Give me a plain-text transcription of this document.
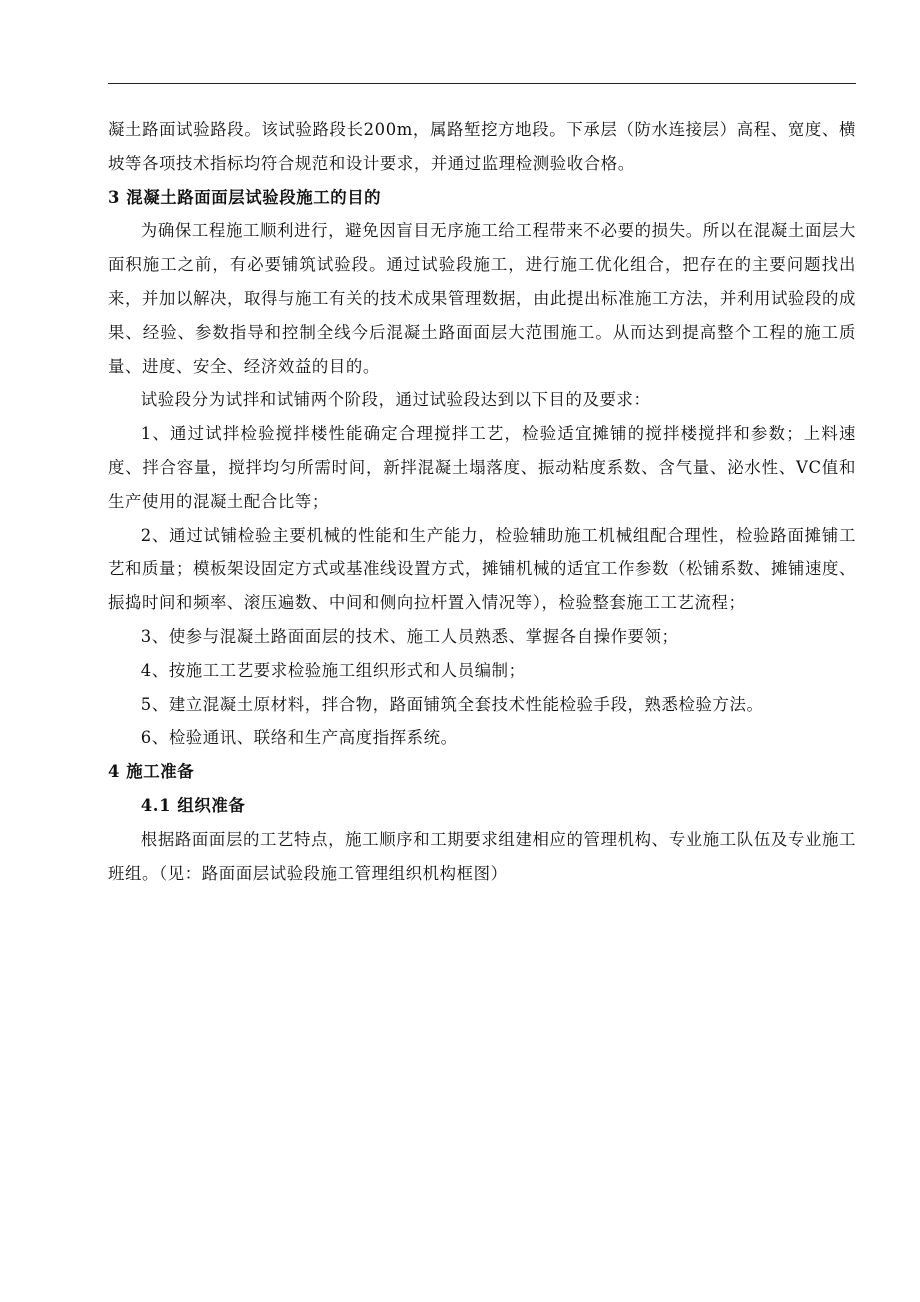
凝土路面试验路段。该试验路段长200m，属路堑挖方地段。下承层（防水连接层）高程、宽度、横坡等各项技术指标均符合规范和设计要求，并通过监理检测验收合格。

3 混凝土路面面层试验段施工的目的

为确保工程施工顺利进行，避免因盲目无序施工给工程带来不必要的损失。所以在混凝土面层大面积施工之前，有必要铺筑试验段。通过试验段施工，进行施工优化组合，把存在的主要问题找出来，并加以解决，取得与施工有关的技术成果管理数据，由此提出标准施工方法，并利用试验段的成果、经验、参数指导和控制全线今后混凝土路面面层大范围施工。从而达到提高整个工程的施工质量、进度、安全、经济效益的目的。

试验段分为试拌和试铺两个阶段，通过试验段达到以下目的及要求：

1、通过试拌检验搅拌楼性能确定合理搅拌工艺，检验适宜摊铺的搅拌楼搅拌和参数；上料速度、拌合容量，搅拌均匀所需时间，新拌混凝土塌落度、振动粘度系数、含气量、泌水性、VC值和生产使用的混凝土配合比等；

2、通过试铺检验主要机械的性能和生产能力，检验辅助施工机械组配合理性，检验路面摊铺工艺和质量；模板架设固定方式或基准线设置方式，摊铺机械的适宜工作参数（松铺系数、摊铺速度、振捣时间和频率、滚压遍数、中间和侧向拉杆置入情况等），检验整套施工工艺流程；

3、使参与混凝土路面面层的技术、施工人员熟悉、掌握各自操作要领；

4、按施工工艺要求检验施工组织形式和人员编制；

5、建立混凝土原材料，拌合物，路面铺筑全套技术性能检验手段，熟悉检验方法。

6、检验通讯、联络和生产高度指挥系统。

4 施工准备

4.1 组织准备

根据路面面层的工艺特点，施工顺序和工期要求组建相应的管理机构、专业施工队伍及专业施工班组。（见：路面面层试验段施工管理组织机构框图）
